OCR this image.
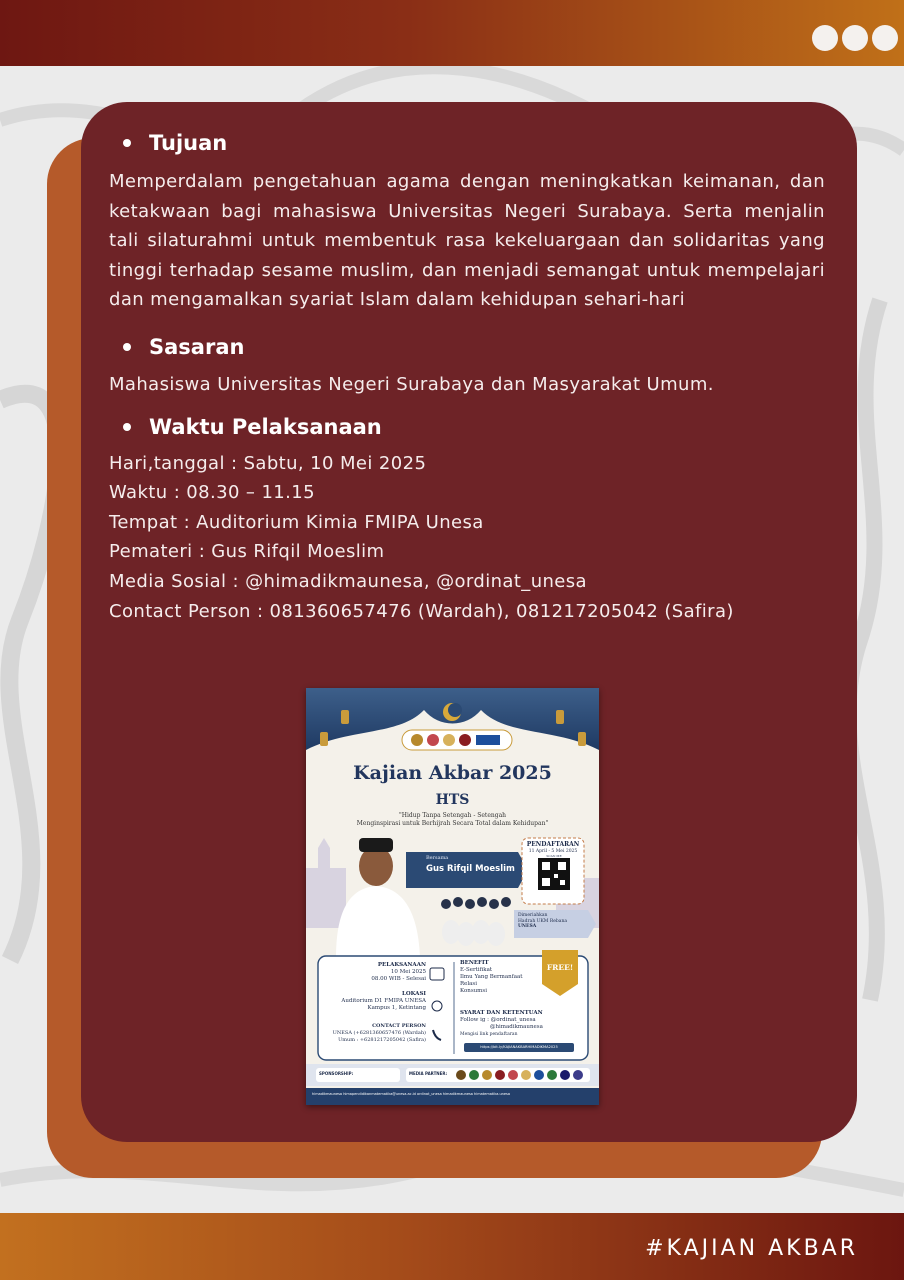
Tujuan

Memperdalam pengetahuan agama dengan meningkatkan keimanan, dan ketakwaan bagi mahasiswa Universitas Negeri Surabaya. Serta menjalin tali silaturahmi untuk membentuk rasa kekeluargaan dan solidaritas yang tinggi terhadap sesame muslim, dan menjadi semangat untuk mempelajari dan mengamalkan syariat Islam dalam kehidupan sehari-hari

Sasaran

Mahasiswa Universitas Negeri Surabaya dan Masyarakat Umum.

Waktu Pelaksanaan
Hari,tanggal : Sabtu, 10 Mei 2025
Waktu : 08.30 – 11.15
Tempat : Auditorium Kimia FMIPA Unesa
Pemateri : Gus Rifqil Moeslim
Media Sosial : @himadikmaunesa, @ordinat_unesa
Contact Person : 081360657476 (Wardah), 081217205042 (Safira)
Kajian Akbar 2025
HTS
"Hidup Tanpa Setengah - Setengah
Menginspirasi untuk Berhijrah Secara Total dalam Kehidupan"
Bersama
Gus Rifqil Moeslim
PENDAFTARAN
11 April - 5 Mei 2025
SCAN ME
Dimeriahkan
Hadrah UKM Rebana
UNESA
PELAKSANAAN
10 Mei 2025
08.00 WIB - Selesai
LOKASI
Auditorium D1 FMIPA UNESA
Kampus 1, Ketintang
CONTACT PERSON
UNESA (+6281360657476 (Wardah)
Umum : +6281217205042 (Safira)
BENEFIT
E-Sertifikat
Ilmu Yang Bermanfaat
Relasi
Konsumsi
FREE!
SYARAT DAN KETENTUAN
Follow ig : @ordinat_unesa
@himadikmaunesa
Mengisi link pendaftaran
https://bit.ly/KAJIANAKBARHIMADIKMA2025
SPONSORSHIP:	MEDIA PARTNER:
himadikmaunesa himapendidikanmatematika@unesa.ac.id ordinat_unesa himadikmaunesa himatematika.unesa
#KAJIAN AKBAR
